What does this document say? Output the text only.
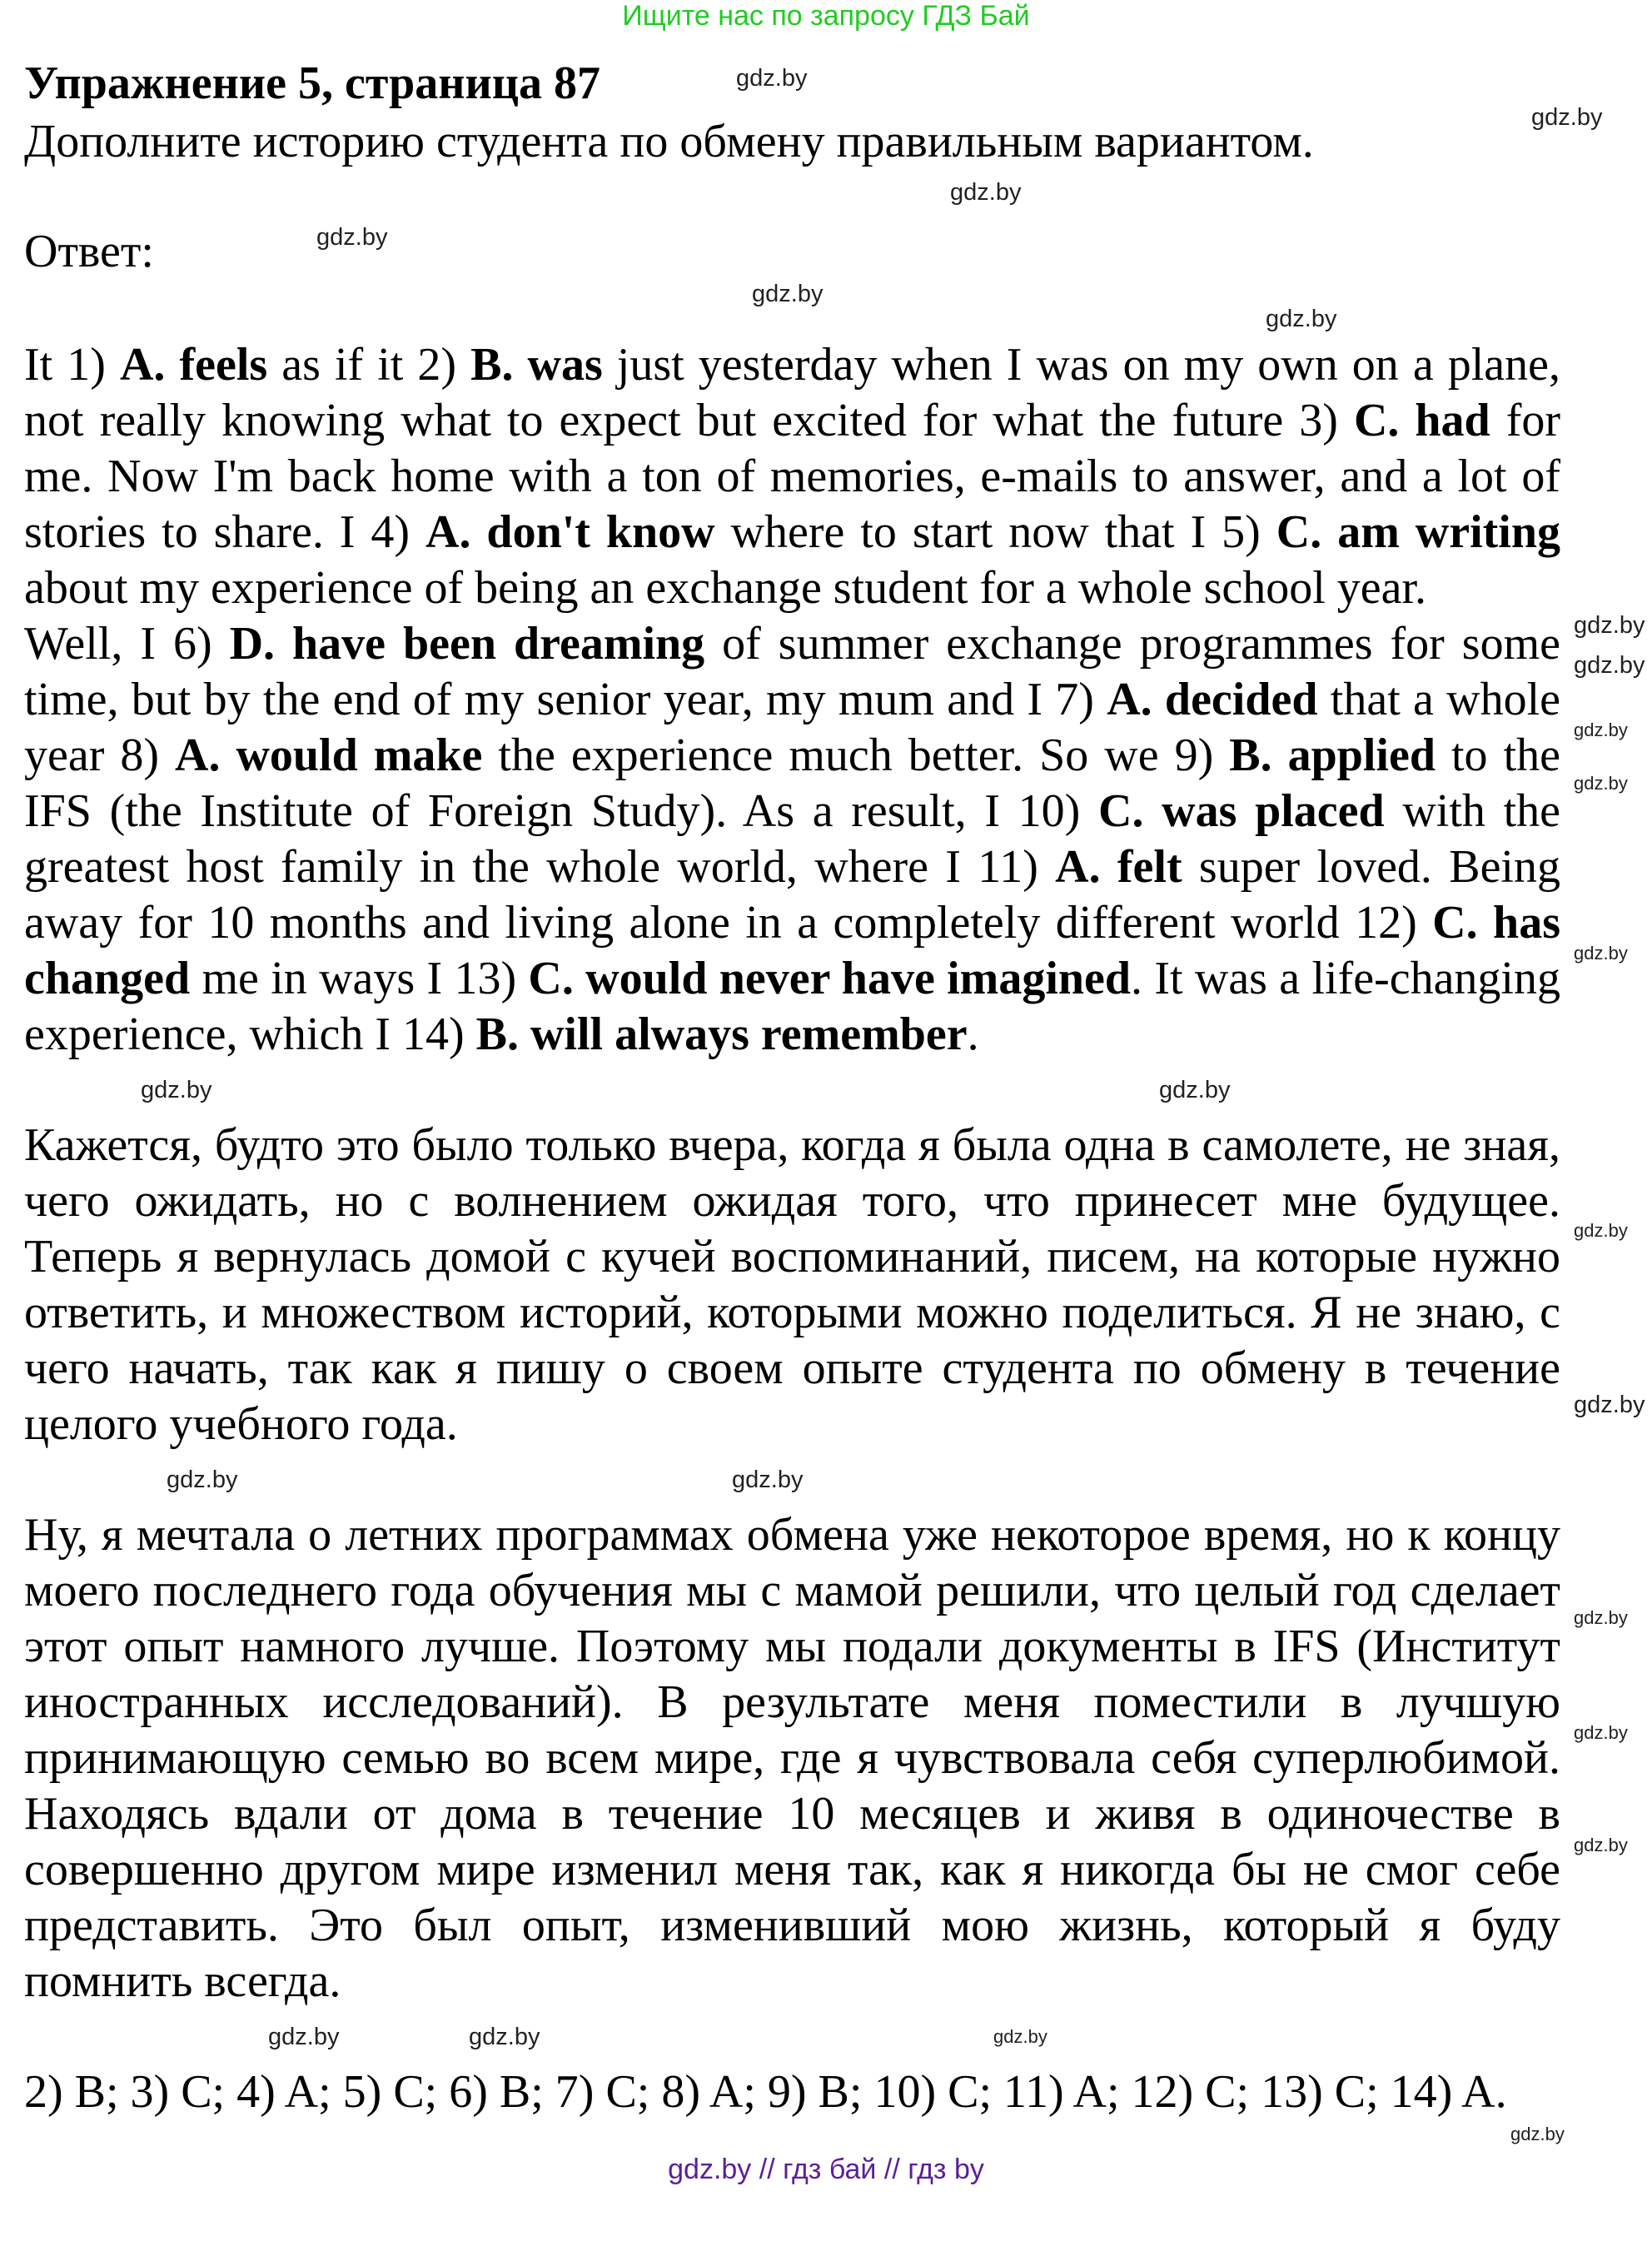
Ищите нас по запросу ГДЗ Бай
Упражнение 5, страница 87
Дополните историю студента по обмену правильным вариантом.
Ответ:
gdz.by
gdz.by
gdz.by
gdz.by
gdz.by
gdz.by
It 1) A. feels as if it 2) B. was just yesterday when I was on my own on a plane, not really knowing what to expect but excited for what the future 3) C. had for me. Now I'm back home with a ton of memories, e-mails to answer, and a lot of stories to share. I 4) A. don't know where to start now that I 5) C. am writing about my experience of being an exchange student for a whole school year.
Well, I 6) D. have been dreaming of summer exchange programmes for some time, but by the end of my senior year, my mum and I 7) A. decided that a whole year 8) A. would make the experience much better. So we 9) B. applied to the IFS (the Institute of Foreign Study). As a result, I 10) C. was placed with the greatest host family in the whole world, where I 11) A. felt super loved. Being away for 10 months and living alone in a completely different world 12) C. has changed me in ways I 13) C. would never have imagined. It was a life-changing experience, which I 14) B. will always remember.
gdz.by
gdz.by
gdz.by
gdz.by
gdz.by
gdz.by
gdz.by
Кажется, будто это было только вчера, когда я была одна в самолете, не зная, чего ожидать, но с волнением ожидая того, что принесет мне будущее. Теперь я вернулась домой с кучей воспоминаний, писем, на которые нужно ответить, и множеством историй, которыми можно поделиться. Я не знаю, с чего начать, так как я пишу о своем опыте студента по обмену в течение целого учебного года.
gdz.by
gdz.by
gdz.by
gdz.by
Ну, я мечтала о летних программах обмена уже некоторое время, но к концу моего последнего года обучения мы с мамой решили, что целый год сделает этот опыт намного лучше. Поэтому мы подали документы в IFS (Институт иностранных исследований). В результате меня поместили в лучшую принимающую семью во всем мире, где я чувствовала себя суперлюбимой. Находясь вдали от дома в течение 10 месяцев и живя в одиночестве в совершенно другом мире изменил меня так, как я никогда бы не смог себе представить. Это был опыт, изменивший мою жизнь, который я буду помнить всегда.
gdz.by
gdz.by
gdz.by
gdz.by	gdz.by
gdz.by
2) B; 3) C; 4) A; 5) C; 6) B; 7) C; 8) A; 9) B; 10) C; 11) A; 12) C; 13) C; 14) A.
gdz.by
gdz.by // гдз бай // гдз by
